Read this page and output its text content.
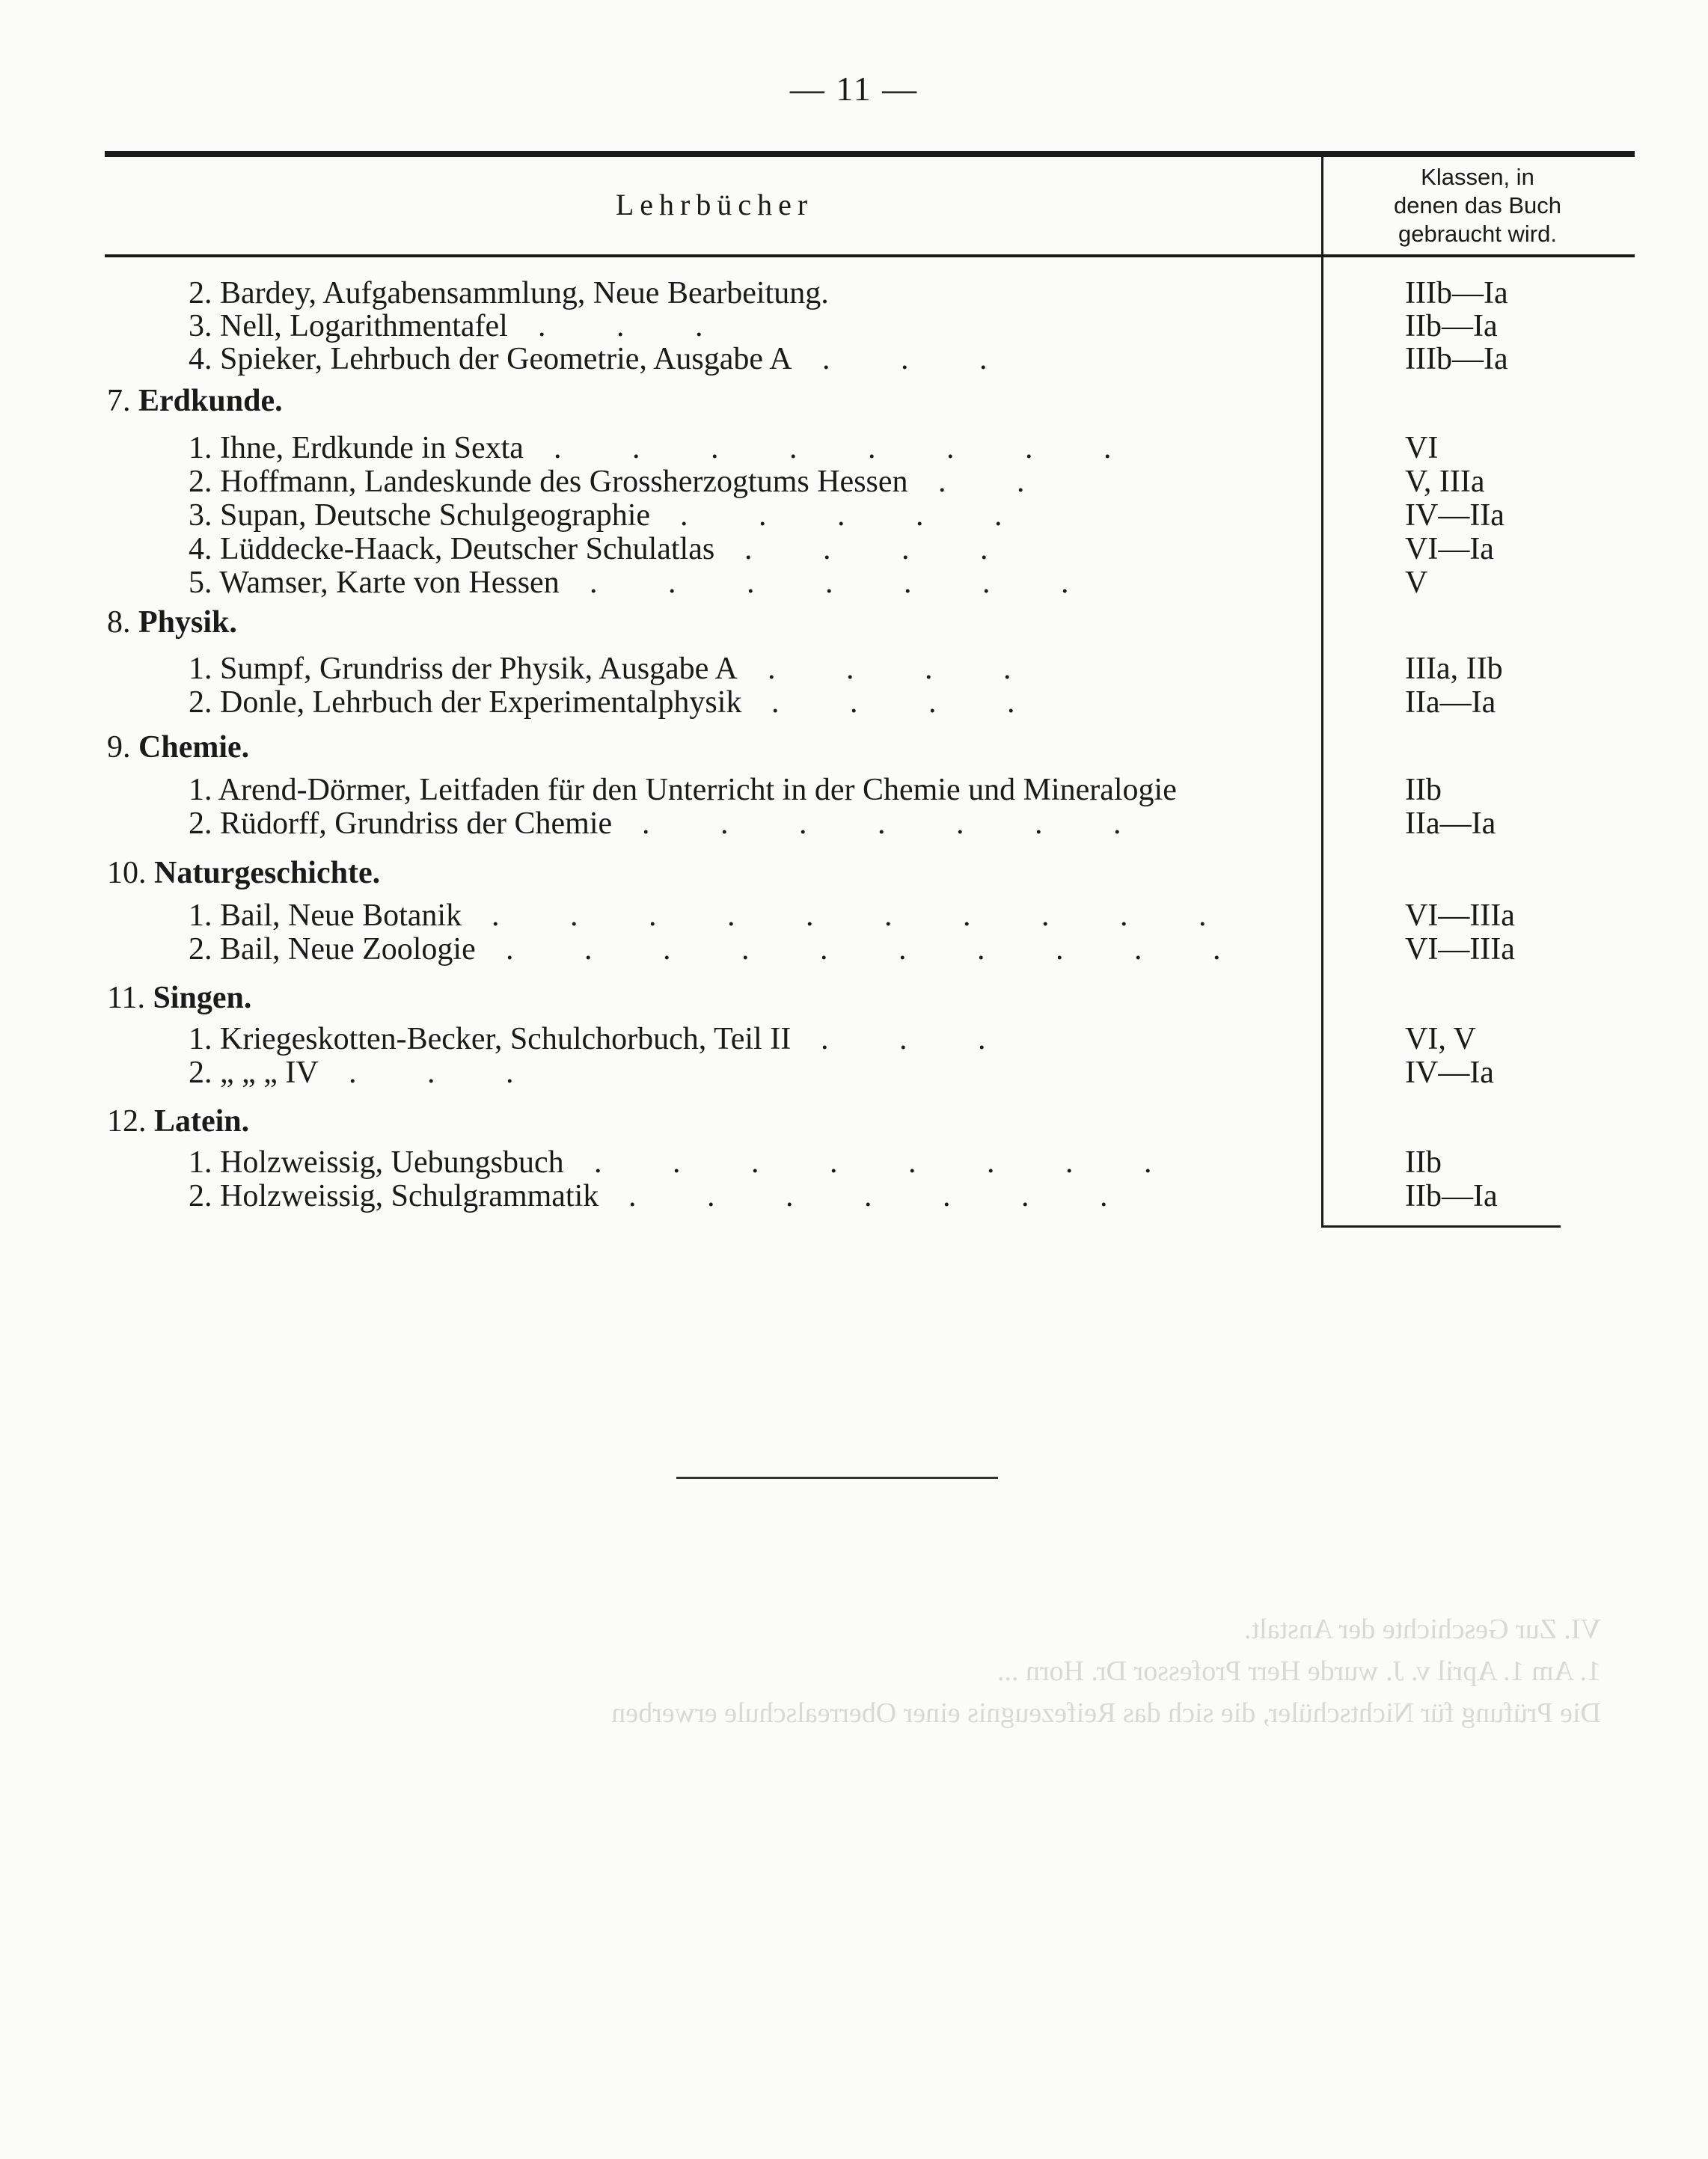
— 11 —
Lehrbücher
Klassen, in
denen das Buch
gebraucht wird.
2. Bardey, Aufgabensammlung, Neue Bearbeitung.	IIIb—Ia
3. Nell, Logarithmentafel . . .	IIb—Ia
4. Spieker, Lehrbuch der Geometrie, Ausgabe A . . .	IIIb—Ia
7. Erdkunde.
1. Ihne, Erdkunde in Sexta . . . . . . . .	VI
2. Hoffmann, Landeskunde des Grossherzogtums Hessen . .	V, IIIa
3. Supan, Deutsche Schulgeographie . . . . .	IV—IIa
4. Lüddecke-Haack, Deutscher Schulatlas . . . .	VI—Ia
5. Wamser, Karte von Hessen . . . . . . .	V
8. Physik.
1. Sumpf, Grundriss der Physik, Ausgabe A . . . .	IIIa, IIb
2. Donle, Lehrbuch der Experimentalphysik . . . .	IIa—Ia
9. Chemie.
1. Arend-Dörmer, Leitfaden für den Unterricht in der Chemie und Mineralogie	IIb
2. Rüdorff, Grundriss der Chemie . . . . . . .	IIa—Ia
10. Naturgeschichte.
1. Bail, Neue Botanik . . . . . . . . . .	VI—IIIa
2. Bail, Neue Zoologie . . . . . . . . . .	VI—IIIa
11. Singen.
1. Kriegeskotten-Becker, Schulchorbuch, Teil II . . .	VI, V
2. „ „ „ IV . . .	IV—Ia
12. Latein.
1. Holzweissig, Uebungsbuch . . . . . . . .	IIb
2. Holzweissig, Schulgrammatik . . . . . . .	IIb—Ia
VI. Zur Geschichte der Anstalt.
1. Am 1. April v. J. wurde Herr Professor Dr. Horn ...
Die Prüfung für Nichtschüler, die sich das Reifezeugnis einer Oberrealschule erwerben
